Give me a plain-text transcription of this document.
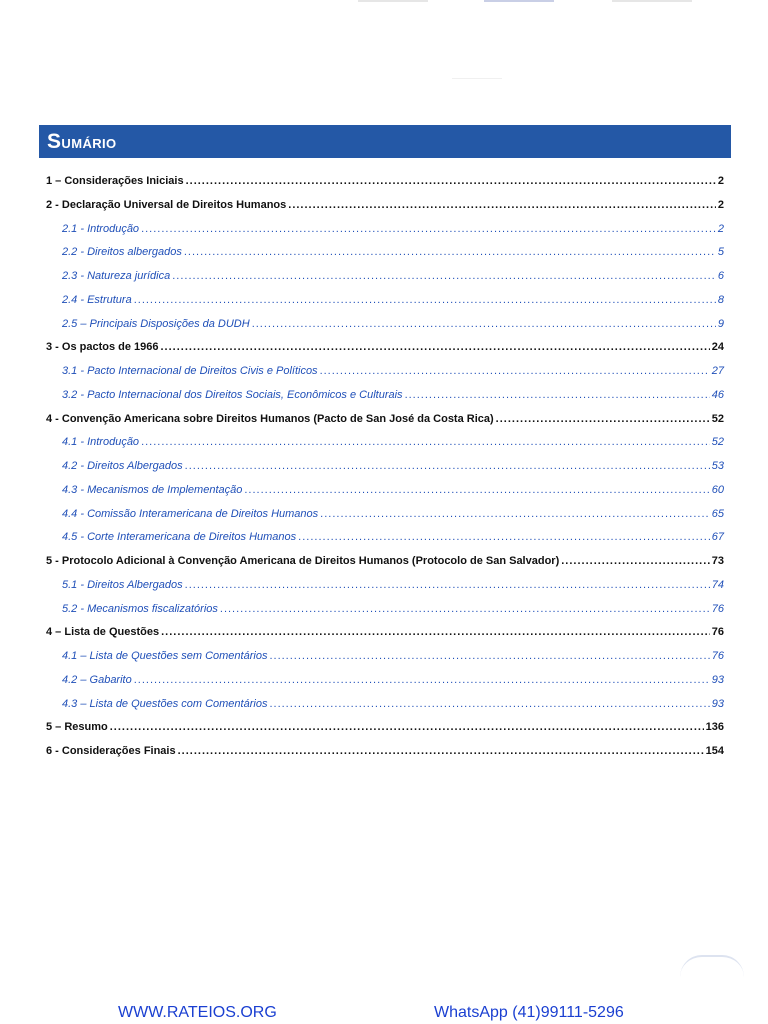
Sumário
1 – Considerações Iniciais .....	2
2 - Declaração Universal de Direitos Humanos .....	2
2.1 - Introdução .....	2
2.2 - Direitos albergados .....	5
2.3 - Natureza jurídica .....	6
2.4 - Estrutura .....	8
2.5 – Principais Disposições da DUDH .....	9
3 - Os pactos de 1966 .....	24
3.1 - Pacto Internacional de Direitos Civis e Políticos .....	27
3.2 - Pacto Internacional dos Direitos Sociais, Econômicos e Culturais .....	46
4 - Convenção Americana sobre Direitos Humanos (Pacto de San José da Costa Rica) .....	52
4.1 - Introdução .....	52
4.2 - Direitos Albergados .....	53
4.3 - Mecanismos de Implementação .....	60
4.4 - Comissão Interamericana de Direitos Humanos .....	65
4.5 - Corte Interamericana de Direitos Humanos .....	67
5 - Protocolo Adicional à Convenção Americana de Direitos Humanos (Protocolo de San Salvador) .....	73
5.1 - Direitos Albergados .....	74
5.2 - Mecanismos fiscalizatórios .....	76
4 – Lista de Questões .....	76
4.1 – Lista de Questões sem Comentários .....	76
4.2 – Gabarito .....	93
4.3 – Lista de Questões com Comentários .....	93
5 – Resumo .....	136
6 - Considerações Finais .....	154
WWW.RATEIOS.ORG	WhatsApp (41)99111-5296
